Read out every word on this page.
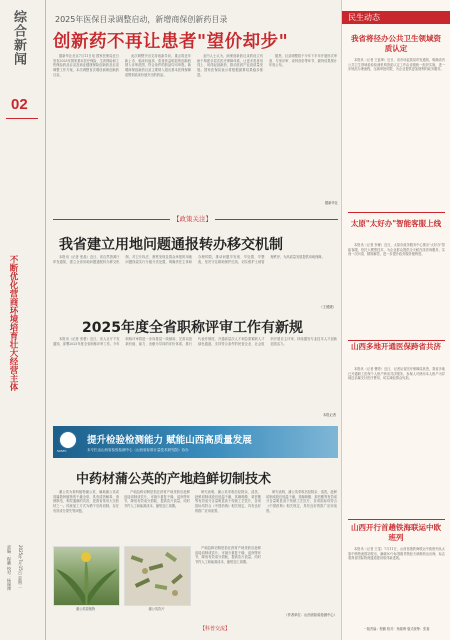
综合新闻
02
不断优化营商环境培育壮大经营主体
责编：程鹏 校对：杨瑞博 2025年7月15日 星期二
2025年医保目录调整启动，新增商保创新药目录
创新药不再让患者"望价却步"

据新华社北京7月11日电 国家医保局近日发布2025年国家基本医疗保险、生育保险和工伤保险药品目录及商业健康保险创新药品目录调整工作方案，本次调整首次增设商保创新药目录。

此次调整突出支持创新导向，重点将近年新上市、临床价值高、患者获益明显的创新药纳入评审范围，符合条件的药品均可申报。新增商保创新药目录主要纳入超出基本医保保障范围但临床价值突出的药品。

业内人士认为，商保创新药目录的设立有助于构建多层次医疗保障体系，让更多患者用得上、用得起创新药，推动医药产业高质量发展。国家医保局表示将根据测算结果稳步推进。

据悉，目录调整将于今年下半年开展形式审查、专家评审、谈判竞价等环节，最终结果预计年底公布。

据新华社
民生动态
我省将径办公共卫生领域资质认定

本报讯（记者 王蓝坤）近日，省市场监管局印发通知，明确省内公共卫生领域检验检测机构资质认定工作由省级统一组织实施，进一步规范办理流程，压减审批时限，为企业提供更加便利的政务服务。

太原"太好办"智能客服上线

本报讯（记者 李雁）近日，太原市政务服务中心推出"太好办"智能客服，依托大模型技术，为企业群众提供全天候在线咨询服务，实现一次问清、精准解答，进一步提升政务服务便利度。

山西多地开通医保跨省共济

本报讯（记者 曹婷）近日，记者从省医疗保障局获悉，我省多地已开通职工医保个人账户跨省共济服务，参保人可使用本人账户为异地近亲属支付医疗费用，切实减轻群众负担。

山西开行首趟铁海联运中欧班列

本报讯（记者 王雯）7月11日，山西首趟铁海联运中欧班列从太原中鼎物流园站驶出，满载50个标准箱货物经天津港转运出海，标志着我省国际物流通道建设取得新进展。

一版责编：程鹏 校对：杨瑞博 版式统筹：张嘉
【政策关注】
我省建立用地问题通报转办移交机制

本报讯（记者 张晶）近日，省自然资源厅印发通知，建立全省用地问题通报转办移交机制，对卫片执法、督察发现及群众举报的用地问题线索实行分级分类处置，明确责任主体和办理时限，推动问题早发现、早处置、早整改，坚决守住耕地保护红线，切实维护土地管理秩序，为高质量发展提供用地保障。

（王媛媛）
2025年度全省职称评审工作有新规

本报讯（记者 张蕾）近日，省人社厅下发通知，部署2025年度全省职称评审工作。今年职称评审将进一步向基层一线倾斜，完善以创新价值、能力、贡献为导向的评价体系，推行代表作制度，开通高层次人才和急需紧缺人才绿色通道，支持符合条件的民营企业、社会组织开展自主评审，持续激发专业技术人才创新创造活力。

本报记者
SXSTC
提升检验检测能力 赋能山西高质量发展
本专栏由山西省检验检测中心（山西省标准计量技术研究院）协办
中药材蒲公英的产地趋鲜切制技术

蒲公英为菊科植物蒲公英、碱地蒲公英或同属数种植物的干燥全草，具有清热解毒、消肿散结、利尿通淋的功效，是我省常用大宗药材之一。传统加工方式为晒干后再切制，存在有效成分损失等问题。

产地趋鲜切制是指在药材产地采收后趁鲜直接切制成饮片，可减少重复干燥、浸润等环节，降低有效成分损耗，提高饮片质量，同时节约人工和能源成本，缩短加工周期。

研究表明，蒲公英采收后经除杂、清洗，趁鲜切制成段后低温干燥，其咖啡酸、菊苣酸等有效成分含量明显高于传统工艺饮片，各项指标均符合《中国药典》相关规定，具有良好的推广应用前景。

研究表明，蒲公英采收后经除杂、清洗，趁鲜切制成段后低温干燥，其咖啡酸、菊苣酸等有效成分含量明显高于传统工艺饮片，各项指标均符合《中国药典》相关规定，具有良好的推广应用前景。

蒲公英原植物	蒲公英饮片

产地趋鲜切制是指在药材产地采收后趁鲜直接切制成饮片，可减少重复干燥、浸润等环节，降低有效成分损耗，提高饮片质量，同时节约人工和能源成本，缩短加工周期。

（作者单位：山西省检验检测中心）
【科普交流】
